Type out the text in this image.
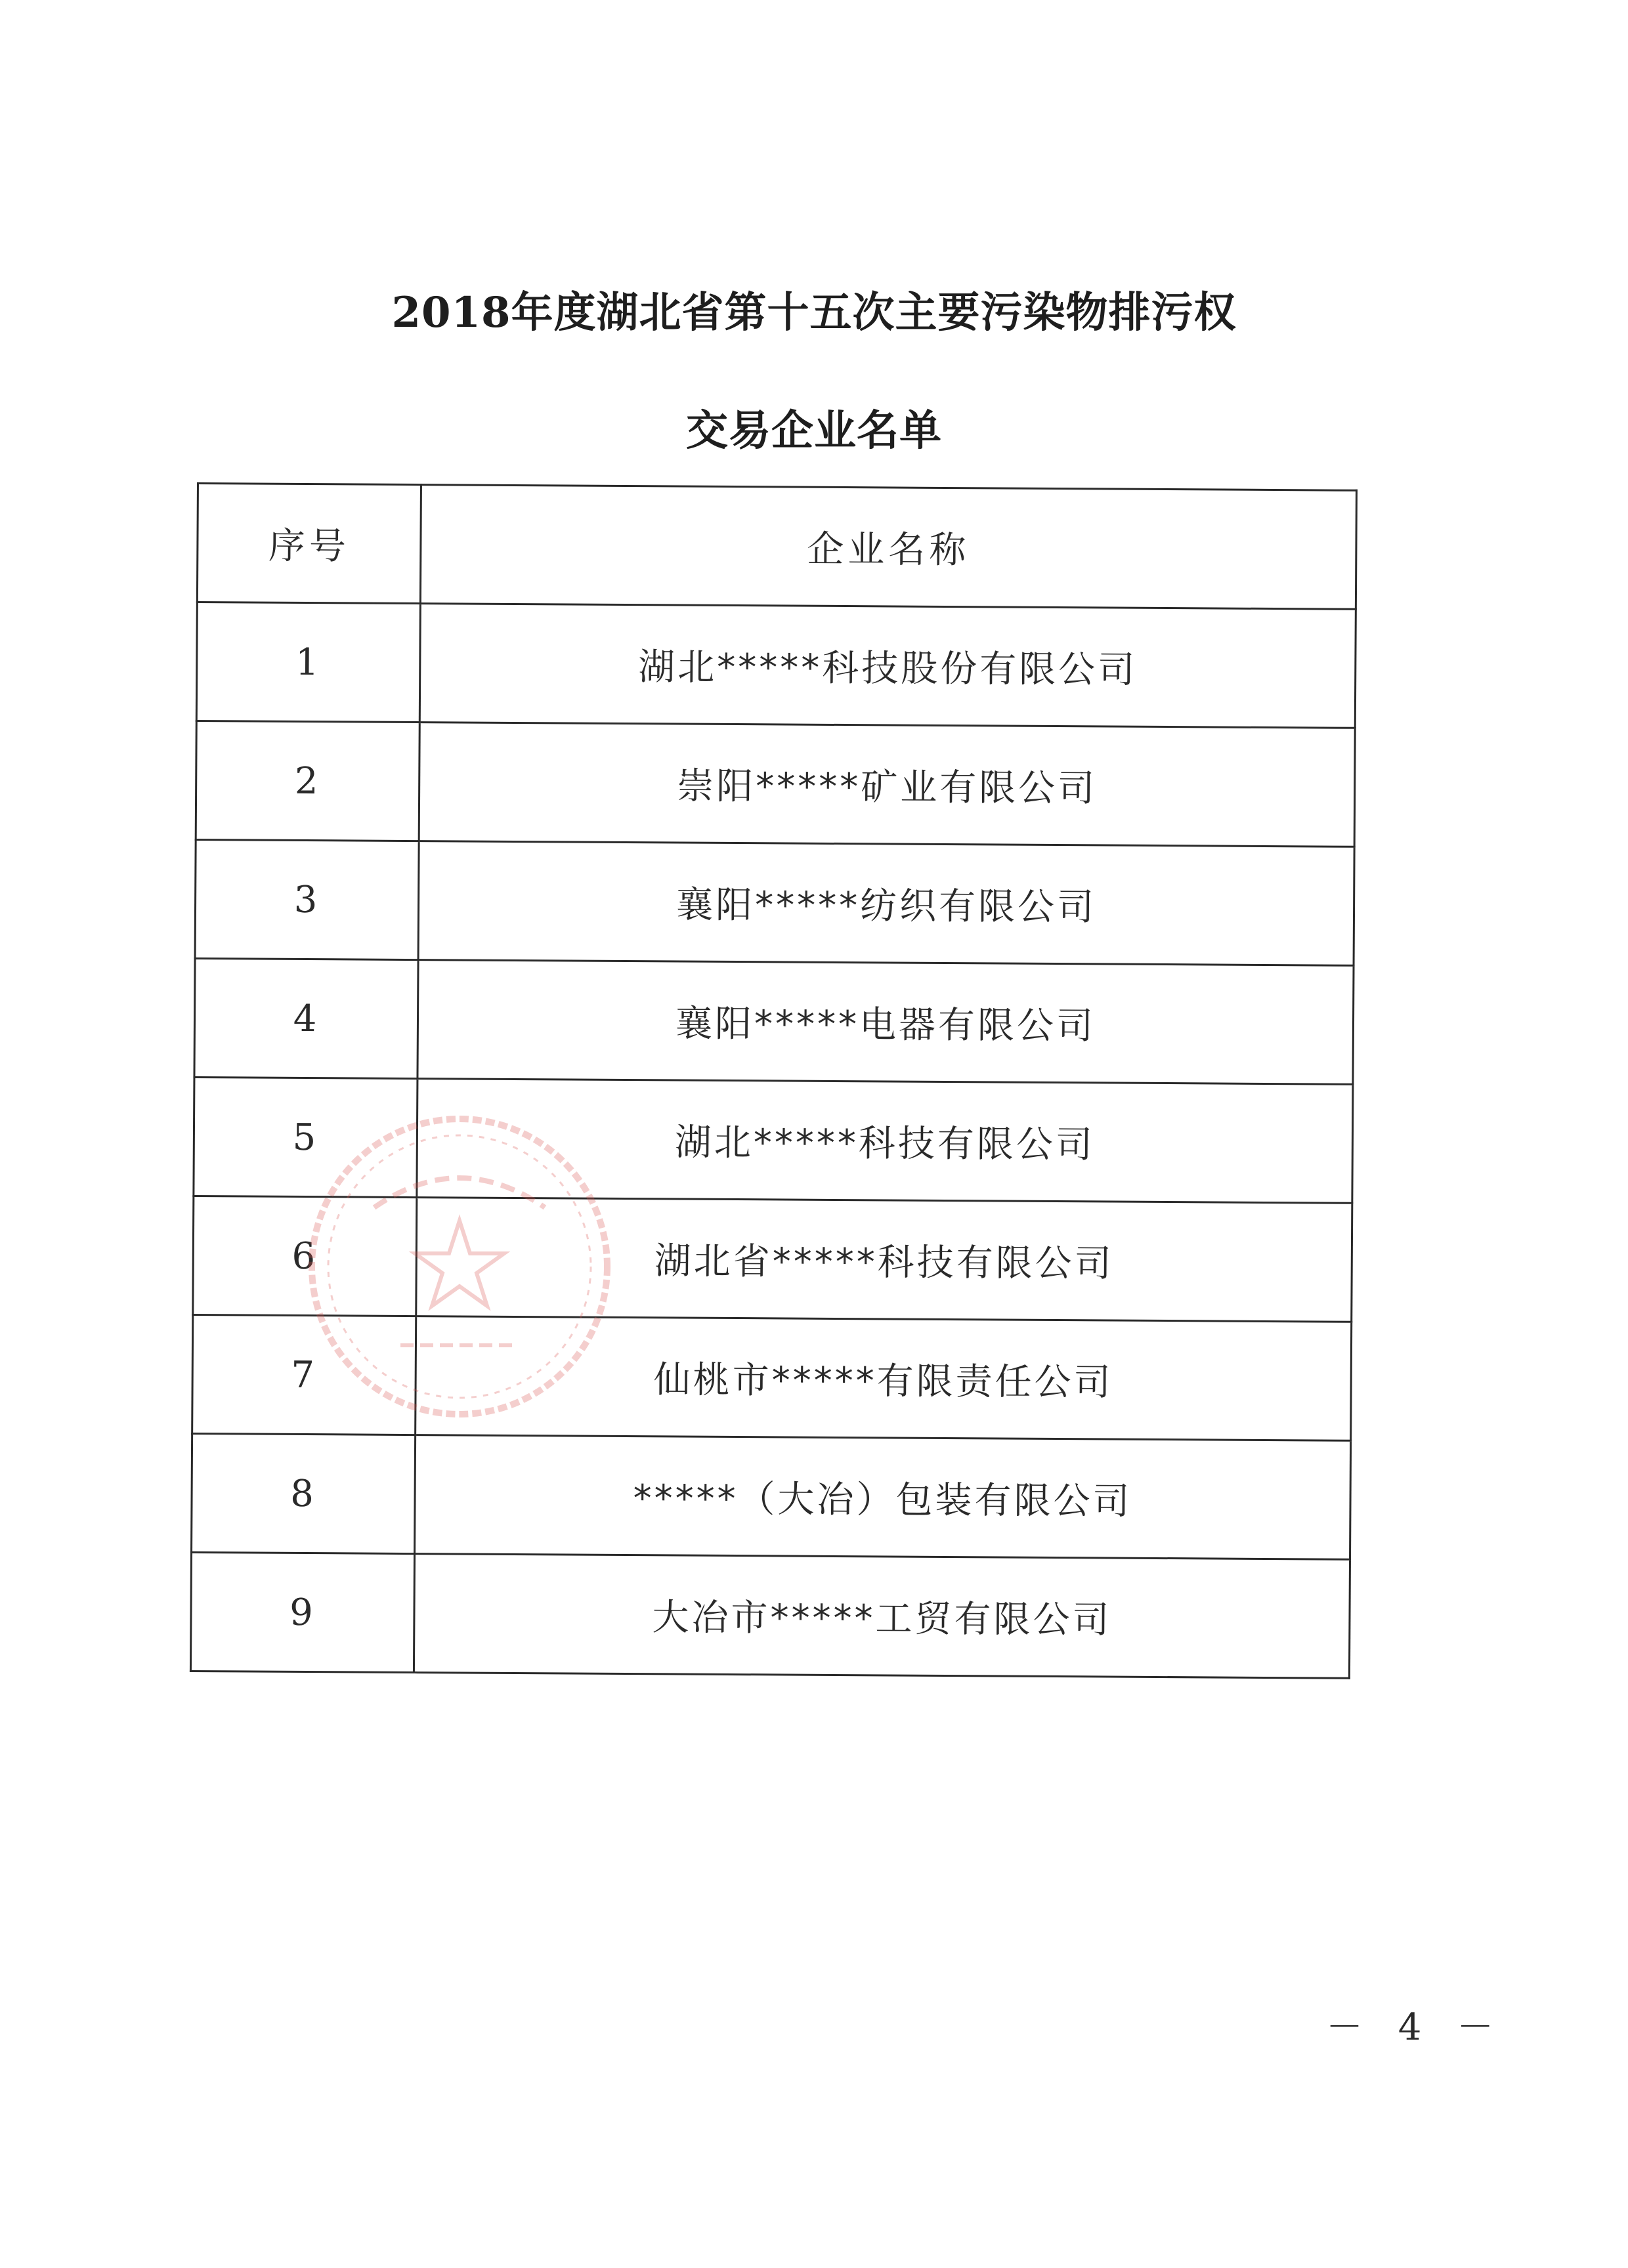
2018年度湖北省第十五次主要污染物排污权
交易企业名单
序号	企业名称
1	湖北*****科技股份有限公司
2	崇阳*****矿业有限公司
3	襄阳*****纺织有限公司
4	襄阳*****电器有限公司
5	湖北*****科技有限公司
6	湖北省*****科技有限公司
7	仙桃市*****有限责任公司
8	*****（大冶）包装有限公司
9	大冶市*****工贸有限公司
－ 4 －
